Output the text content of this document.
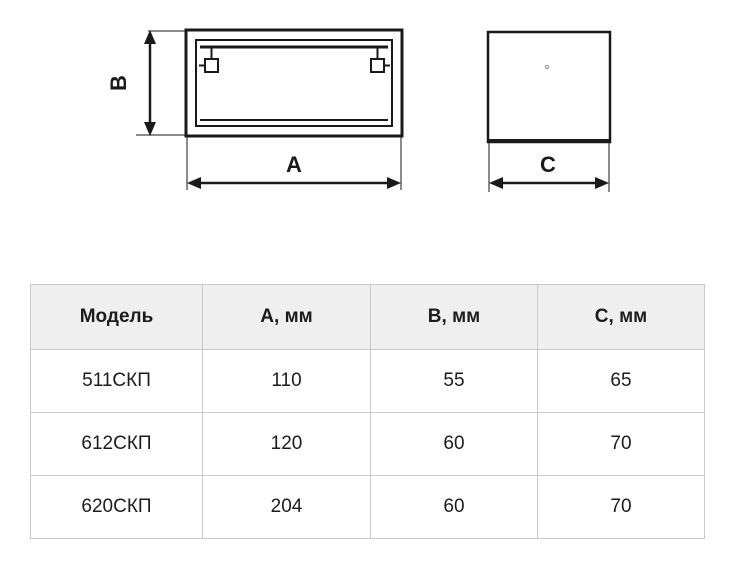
B
A	C
Модель	A, мм	B, мм	C, мм
511СКП	110	55	65
612СКП	120	60	70
620СКП	204	60	70
